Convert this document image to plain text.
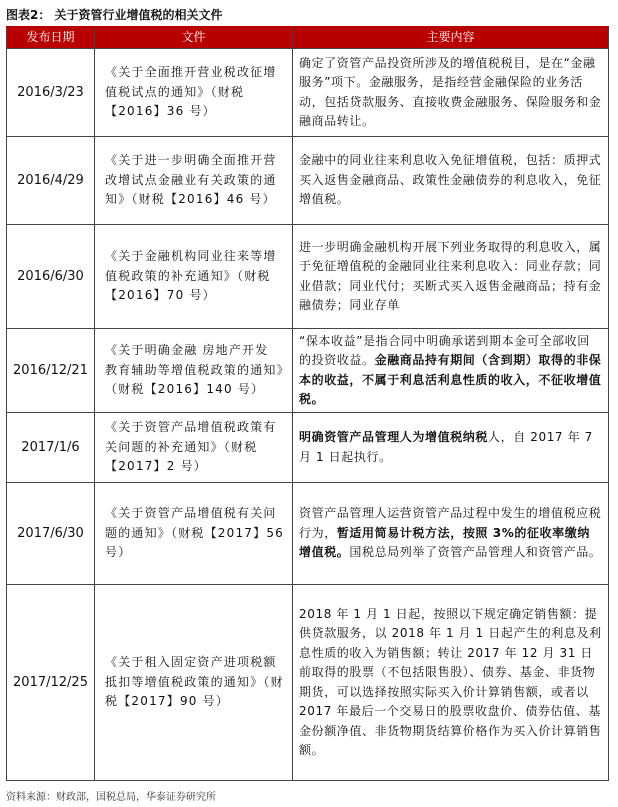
图表2： 关于资管行业增值税的相关文件
发布日期	文件	主要内容
2016/3/23	《关于全面推开营业税改征增值税试点的通知》（财税【2016】36 号）	确定了资管产品投资所涉及的增值税税目，是在“金融服务”项下。金融服务，是指经营金融保险的业务活动，包括贷款服务、直接收费金融服务、保险服务和金融商品转让。
2016/4/29	《关于进一步明确全面推开营改增试点金融业有关政策的通知》（财税【2016】46 号）	金融中的同业往来利息收入免征增值税，包括：质押式买入返售金融商品、政策性金融债券的利息收入，免征增值税。
2016/6/30	《关于金融机构同业往来等增值税政策的补充通知》（财税【2016】70 号）	进一步明确金融机构开展下列业务取得的利息收入，属于免征增值税的金融同业往来利息收入：同业存款；同业借款；同业代付；买断式买入返售金融商品；持有金融债券；同业存单
2016/12/21	《关于明确金融 房地产开发 教育辅助等增值税政策的通知》（财税【2016】140 号）	“保本收益”是指合同中明确承诺到期本金可全部收回的投资收益。金融商品持有期间（含到期）取得的非保本的收益，不属于利息活利息性质的收入，不征收增值税。
2017/1/6	《关于资管产品增值税政策有关问题的补充通知》（财税【2017】2 号）	明确资管产品管理人为增值税纳税人，自 2017 年 7 月 1 日起执行。
2017/6/30	《关于资管产品增值税有关问题的通知》（财税【2017】56 号）	资管产品管理人运营资管产品过程中发生的增值税应税行为，暂适用简易计税方法，按照 3%的征收率缴纳增值税。国税总局列举了资管产品管理人和资管产品。
2017/12/25	《关于租入固定资产进项税额抵扣等增值税政策的通知》（财税【2017】90 号）	2018 年 1 月 1 日起，按照以下规定确定销售额：提供贷款服务，以 2018 年 1 月 1 日起产生的利息及利息性质的收入为销售额；转让 2017 年 12 月 31 日前取得的股票（不包括限售股）、债券、基金、非货物期货，可以选择按照实际买入价计算销售额，或者以 2017 年最后一个交易日的股票收盘价、债券估值、基金份额净值、非货物期货结算价格作为买入价计算销售额。
资料来源：财政部，国税总局，华泰证券研究所
